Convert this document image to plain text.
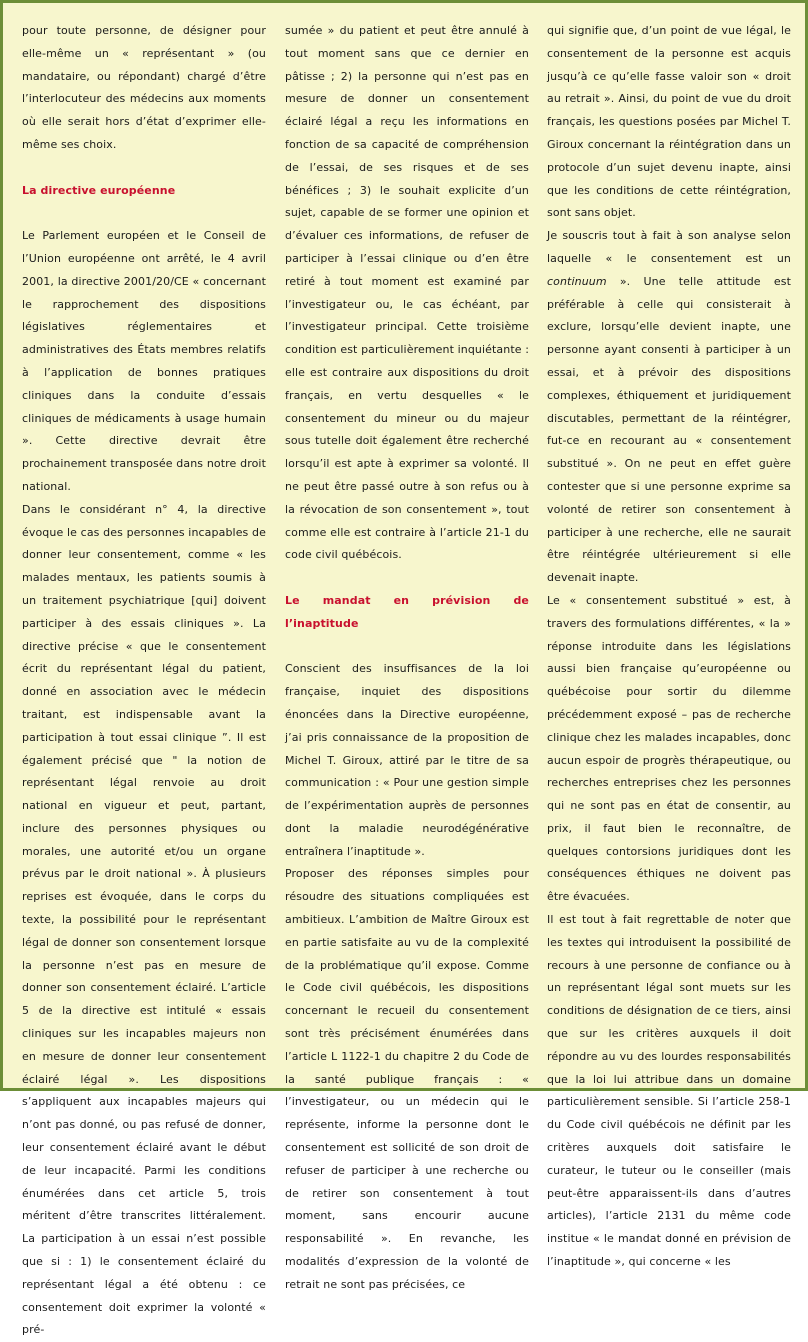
pour toute personne, de désigner pour elle-même un « représentant » (ou mandataire, ou répondant) chargé d’être l’interlocuteur des médecins aux moments où elle serait hors d’état d’exprimer elle-même ses choix.

La directive européenne

Le Parlement européen et le Conseil de l’Union européenne ont arrêté, le 4 avril 2001, la directive 2001/20/CE « concernant le rapprochement des dispositions législatives réglementaires et administratives des États membres relatifs à l’application de bonnes pratiques cliniques dans la conduite d’essais cliniques de médicaments à usage humain ». Cette directive devrait être prochainement transposée dans notre droit national.

Dans le considérant n° 4, la directive évoque le cas des personnes incapables de donner leur consentement, comme « les malades mentaux, les patients soumis à un traitement psychiatrique [qui] doivent participer à des essais cliniques ». La directive précise « que le consentement écrit du représentant légal du patient, donné en association avec le médecin traitant, est indispensable avant la participation à tout essai clinique ”. Il est également précisé que " la notion de représentant légal renvoie au droit national en vigueur et peut, partant, inclure des personnes physiques ou morales, une autorité et/ou un organe prévus par le droit national ». À plusieurs reprises est évoquée, dans le corps du texte, la possibilité pour le représentant légal de donner son consentement lorsque la personne n’est pas en mesure de donner son consentement éclairé. L’article 5 de la directive est intitulé « essais cliniques sur les incapables majeurs non en mesure de donner leur consentement éclairé légal ». Les dispositions s’appliquent aux incapables majeurs qui n’ont pas donné, ou pas refusé de donner, leur consentement éclairé avant le début de leur incapacité. Parmi les conditions énumérées dans cet article 5, trois méritent d’être transcrites littéralement. La participation à un essai n’est possible que si : 1) le consentement éclairé du représentant légal a été obtenu : ce consentement doit exprimer la volonté « pré-

sumée » du patient et peut être annulé à tout moment sans que ce dernier en pâtisse ; 2) la personne qui n’est pas en mesure de donner un consentement éclairé légal a reçu les informations en fonction de sa capacité de compréhension de l’essai, de ses risques et de ses bénéfices ; 3) le souhait explicite d’un sujet, capable de se former une opinion et d’évaluer ces informations, de refuser de participer à l’essai clinique ou d’en être retiré à tout moment est examiné par l’investigateur ou, le cas échéant, par l’investigateur principal. Cette troisième condition est particulièrement inquiétante : elle est contraire aux dispositions du droit français, en vertu desquelles « le consentement du mineur ou du majeur sous tutelle doit également être recherché lorsqu’il est apte à exprimer sa volonté. Il ne peut être passé outre à son refus ou à la révocation de son consentement », tout comme elle est contraire à l’article 21-1 du code civil québécois.

Le mandat en prévision de l’inaptitude

Conscient des insuffisances de la loi française, inquiet des dispositions énoncées dans la Directive européenne, j’ai pris connaissance de la proposition de Michel T. Giroux, attiré par le titre de sa communication : « Pour une gestion simple de l’expérimentation auprès de personnes dont la maladie neurodégénérative entraînera l’inaptitude ».

Proposer des réponses simples pour résoudre des situations compliquées est ambitieux. L’ambition de Maître Giroux est en partie satisfaite au vu de la complexité de la problématique qu’il expose. Comme le Code civil québécois, les dispositions concernant le recueil du consentement sont très précisément énumérées dans l’article L 1122-1 du chapitre 2 du Code de la santé publique français : « l’investigateur, ou un médecin qui le représente, informe la personne dont le consentement est sollicité de son droit de refuser de participer à une recherche ou de retirer son consentement à tout moment, sans encourir aucune responsabilité ». En revanche, les modalités d’expression de la volonté de retrait ne sont pas précisées, ce

qui signifie que, d’un point de vue légal, le consentement de la personne est acquis jusqu’à ce qu’elle fasse valoir son « droit au retrait ». Ainsi, du point de vue du droit français, les questions posées par Michel T. Giroux concernant la réintégration dans un protocole d’un sujet devenu inapte, ainsi que les conditions de cette réintégration, sont sans objet.

Je souscris tout à fait à son analyse selon laquelle « le consentement est un continuum ». Une telle attitude est préférable à celle qui consisterait à exclure, lorsqu’elle devient inapte, une personne ayant consenti à participer à un essai, et à prévoir des dispositions complexes, éthiquement et juridiquement discutables, permettant de la réintégrer, fut-ce en recourant au « consentement substitué ». On ne peut en effet guère contester que si une personne exprime sa volonté de retirer son consentement à participer à une recherche, elle ne saurait être réintégrée ultérieurement si elle devenait inapte.

Le « consentement substitué » est, à travers des formulations différentes, « la » réponse introduite dans les législations aussi bien française qu’européenne ou québécoise pour sortir du dilemme précédemment exposé – pas de recherche clinique chez les malades incapables, donc aucun espoir de progrès thérapeutique, ou recherches entreprises chez les personnes qui ne sont pas en état de consentir, au prix, il faut bien le reconnaître, de quelques contorsions juridiques dont les conséquences éthiques ne doivent pas être évacuées.

Il est tout à fait regrettable de noter que les textes qui introduisent la possibilité de recours à une personne de confiance ou à un représentant légal sont muets sur les conditions de désignation de ce tiers, ainsi que sur les critères auxquels il doit répondre au vu des lourdes responsabilités que la loi lui attribue dans un domaine particulièrement sensible. Si l’article 258-1 du Code civil québécois ne définit par les critères auxquels doit satisfaire le curateur, le tuteur ou le conseiller (mais peut-être apparaissent-ils dans d’autres articles), l’article 2131 du même code institue « le mandat donné en prévision de l’inaptitude », qui concerne « les
